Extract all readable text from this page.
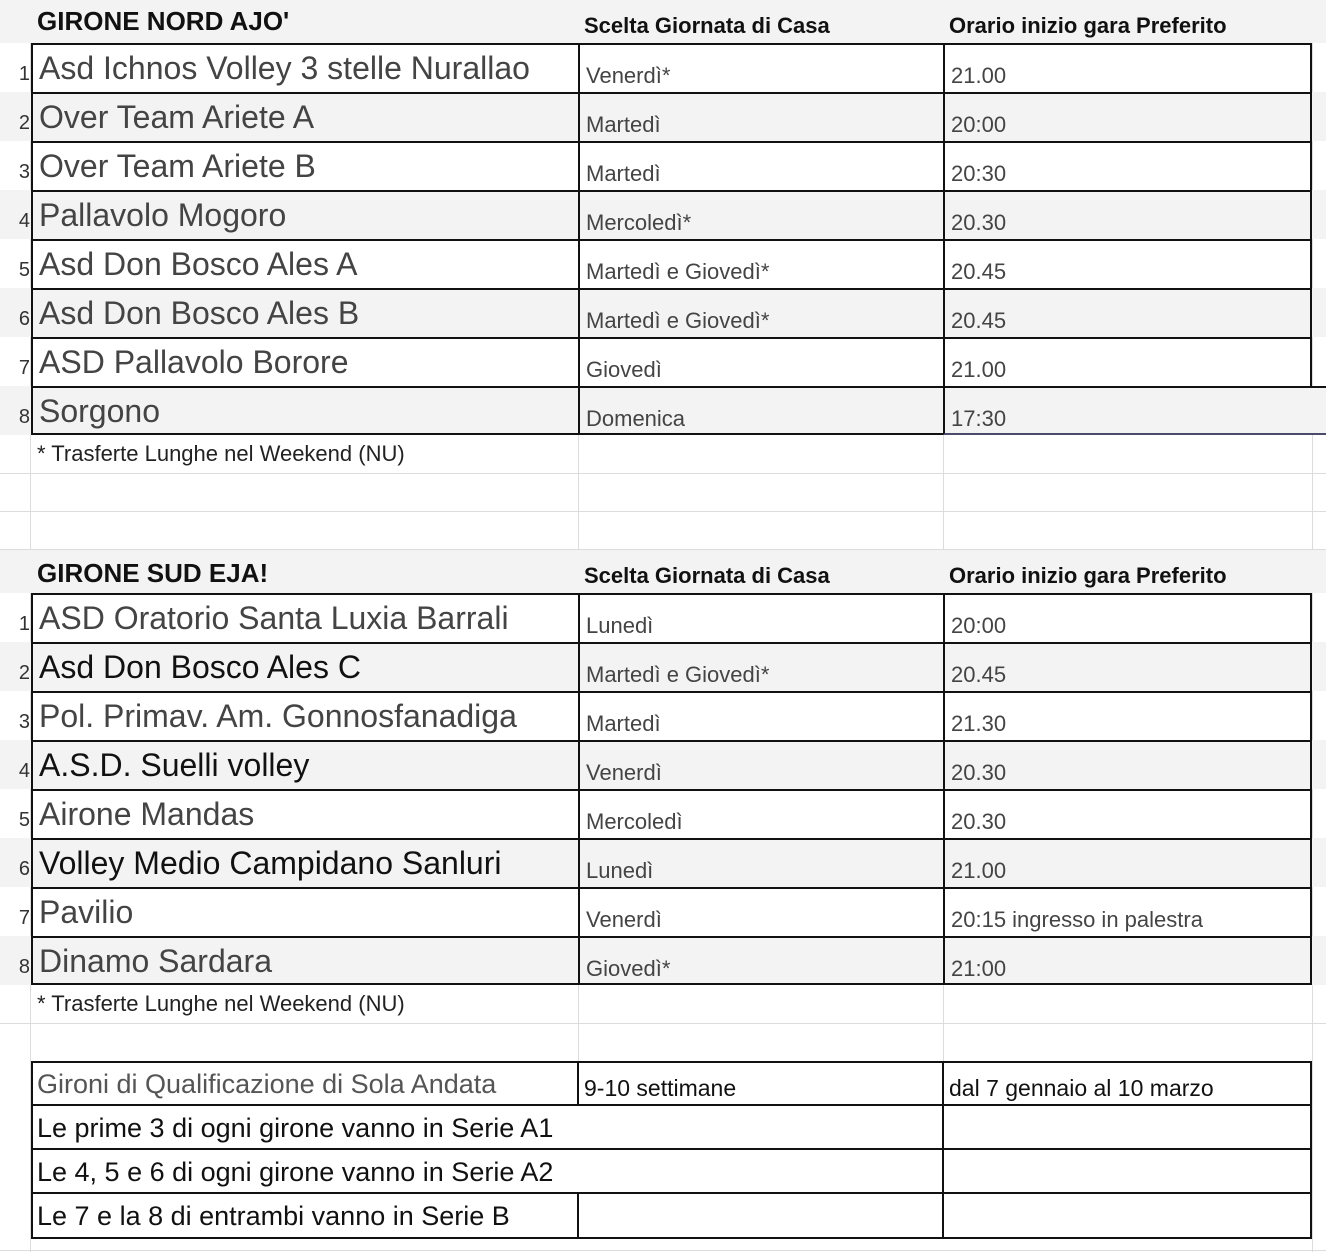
GIRONE NORD AJO'	Scelta Giornata di Casa	Orario inizio gara Preferito
1 Asd Ichnos Volley 3 stelle Nurallao	Venerdì*	21.00
2 Over Team Ariete A	Martedì	20:00
3 Over Team Ariete B	Martedì	20:30
4 Pallavolo Mogoro	Mercoledì*	20.30
5 Asd Don Bosco Ales A	Martedì e Giovedì*	20.45
6 Asd Don Bosco Ales B	Martedì e Giovedì*	20.45
7 ASD Pallavolo Borore	Giovedì	21.00
8 Sorgono	Domenica	17:30
* Trasferte Lunghe nel Weekend (NU)
GIRONE SUD EJA!	Scelta Giornata di Casa	Orario inizio gara Preferito
1 ASD Oratorio Santa Luxia Barrali	Lunedì	20:00
2 Asd Don Bosco Ales C	Martedì e Giovedì*	20.45
3 Pol. Primav. Am. Gonnosfanadiga	Martedì	21.30
4 A.S.D. Suelli volley	Venerdì	20.30
5 Airone Mandas	Mercoledì	20.30
6 Volley Medio Campidano Sanluri	Lunedì	21.00
7 Pavilio	Venerdì	20:15 ingresso in palestra
8 Dinamo Sardara	Giovedì*	21:00
* Trasferte Lunghe nel Weekend (NU)
Gironi di Qualificazione di Sola Andata	9-10 settimane	dal 7 gennaio al 10 marzo
Le prime 3 di ogni girone vanno in Serie A1
Le 4, 5 e 6 di ogni girone vanno in Serie A2
Le 7 e la 8 di entrambi vanno in Serie B
